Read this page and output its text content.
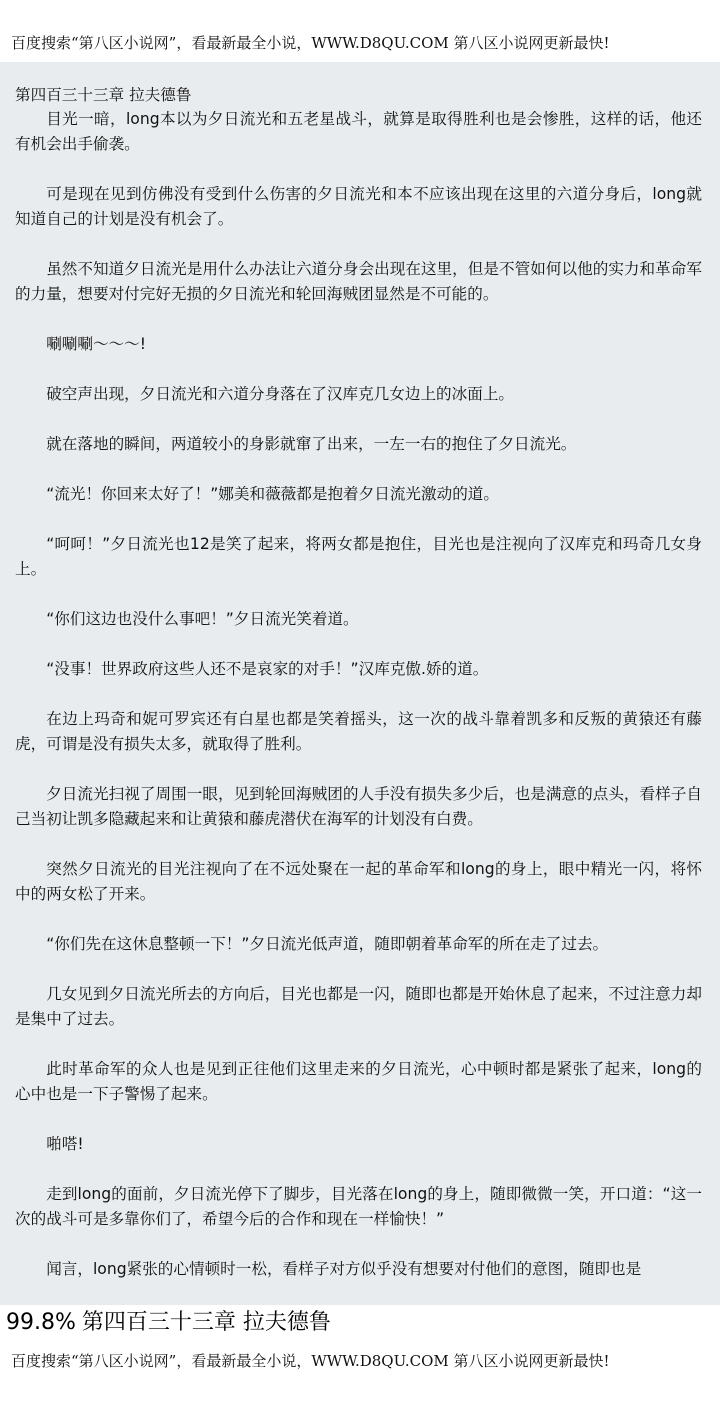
百度搜索“第八区小说网”，看最新最全小说，WWW.D8QU.COM 第八区小说网更新最快!
第四百三十三章 拉夫德鲁

目光一暗，long本以为夕日流光和五老星战斗，就算是取得胜利也是会惨胜，这样的话，他还有机会出手偷袭。

可是现在见到仿佛没有受到什么伤害的夕日流光和本不应该出现在这里的六道分身后，long就知道自己的计划是没有机会了。

虽然不知道夕日流光是用什么办法让六道分身会出现在这里，但是不管如何以他的实力和革命军的力量，想要对付完好无损的夕日流光和轮回海贼团显然是不可能的。

唰唰唰～～～!

破空声出现，夕日流光和六道分身落在了汉库克几女边上的冰面上。

就在落地的瞬间，两道较小的身影就窜了出来，一左一右的抱住了夕日流光。

“流光！你回来太好了！”娜美和薇薇都是抱着夕日流光激动的道。

“呵呵！”夕日流光也12是笑了起来，将两女都是抱住，目光也是注视向了汉库克和玛奇几女身上。

“你们这边也没什么事吧！”夕日流光笑着道。

“没事！世界政府这些人还不是哀家的对手！”汉库克傲.娇的道。

在边上玛奇和妮可罗宾还有白星也都是笑着摇头，这一次的战斗靠着凯多和反叛的黄猿还有藤虎，可谓是没有损失太多，就取得了胜利。

夕日流光扫视了周围一眼，见到轮回海贼团的人手没有损失多少后，也是满意的点头，看样子自己当初让凯多隐藏起来和让黄猿和藤虎潜伏在海军的计划没有白费。

突然夕日流光的目光注视向了在不远处聚在一起的革命军和long的身上，眼中精光一闪，将怀中的两女松了开来。

“你们先在这休息整顿一下！”夕日流光低声道，随即朝着革命军的所在走了过去。

几女见到夕日流光所去的方向后，目光也都是一闪，随即也都是开始休息了起来，不过注意力却是集中了过去。

此时革命军的众人也是见到正往他们这里走来的夕日流光，心中顿时都是紧张了起来，long的心中也是一下子警惕了起来。

啪嗒!

走到long的面前，夕日流光停下了脚步，目光落在long的身上，随即微微一笑，开口道：“这一次的战斗可是多靠你们了，希望今后的合作和现在一样愉快！”

闻言，long紧张的心情顿时一松，看样子对方似乎没有想要对付他们的意图，随即也是

99.8% 第四百三十三章 拉夫德鲁
百度搜索“第八区小说网”，看最新最全小说，WWW.D8QU.COM 第八区小说网更新最快!
